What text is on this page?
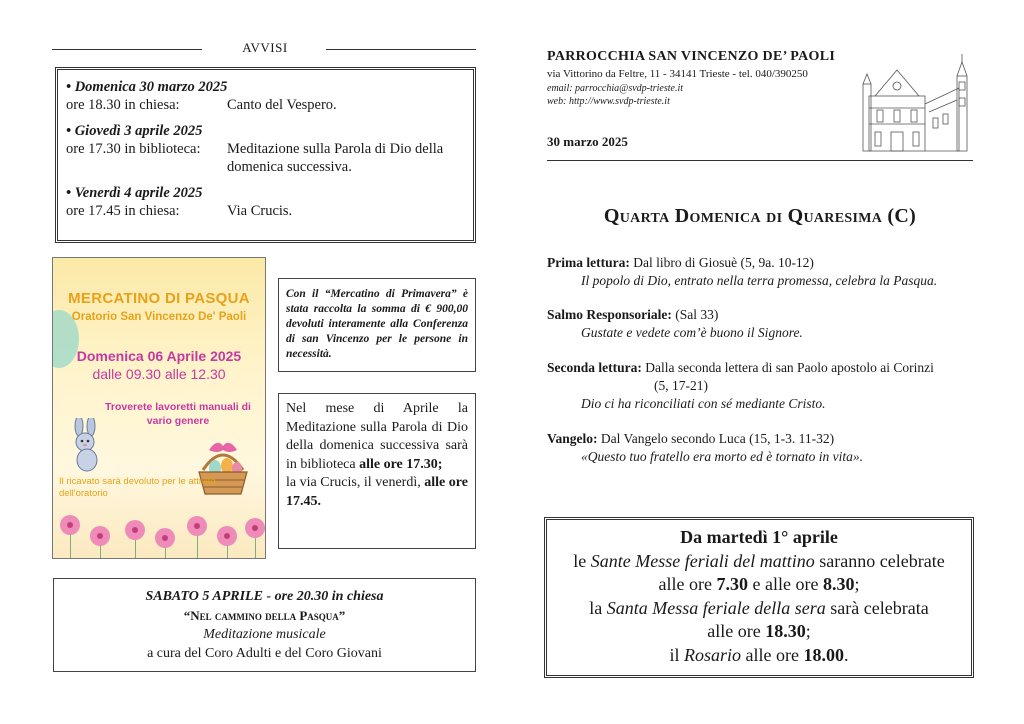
AVVISI
• Domenica 30 marzo 2025
ore 18.30 in chiesa:	Canto del Vespero.
• Giovedì 3 aprile 2025
ore 17.30 in biblioteca:	Meditazione sulla Parola di Dio della domenica successiva.
• Venerdì 4 aprile 2025
ore 17.45 in chiesa:	Via Crucis.
MERCATINO DI PASQUA
Oratorio San Vincenzo De' Paoli
Domenica 06 Aprile 2025
dalle 09.30 alle 12.30
Troverete lavoretti manuali di vario genere
Il ricavato sarà devoluto per le attività dell'oratorio
Con il “Mercatino di Primavera” è stata raccolta la somma di € 900,00 devoluti interamente alla Conferenza di san Vincenzo per le persone in necessità.
Nel mese di Aprile la Meditazione sulla Parola di Dio della domenica successiva sarà in biblioteca alle ore 17.30;
la via Crucis, il venerdì, alle ore 17.45.
SABATO 5 APRILE - ore 20.30 in chiesa
“Nel cammino della Pasqua”
Meditazione musicale
a cura del Coro Adulti e del Coro Giovani
PARROCCHIA SAN VINCENZO DE’ PAOLI
via Vittorino da Feltre, 11 - 34141 Trieste - tel. 040/390250
email: parrocchia@svdp-trieste.it
web: http://www.svdp-trieste.it
30 marzo 2025
Quarta Domenica di Quaresima (C)
Prima lettura: Dal libro di Giosuè (5, 9a. 10-12)
Il popolo di Dio, entrato nella terra promessa, celebra la Pasqua.
Salmo Responsoriale: (Sal 33)
Gustate e vedete com’è buono il Signore.
Seconda lettura: Dalla seconda lettera di san Paolo apostolo ai Corinzi
(5, 17-21)
Dio ci ha riconciliati con sé mediante Cristo.
Vangelo: Dal Vangelo secondo Luca (15, 1-3. 11-32)
«Questo tuo fratello era morto ed è tornato in vita».
Da martedì 1° aprile
le Sante Messe feriali del mattino saranno celebrate
alle ore 7.30 e alle ore 8.30;
la Santa Messa feriale della sera sarà celebrata
alle ore 18.30;
il Rosario alle ore 18.00.
